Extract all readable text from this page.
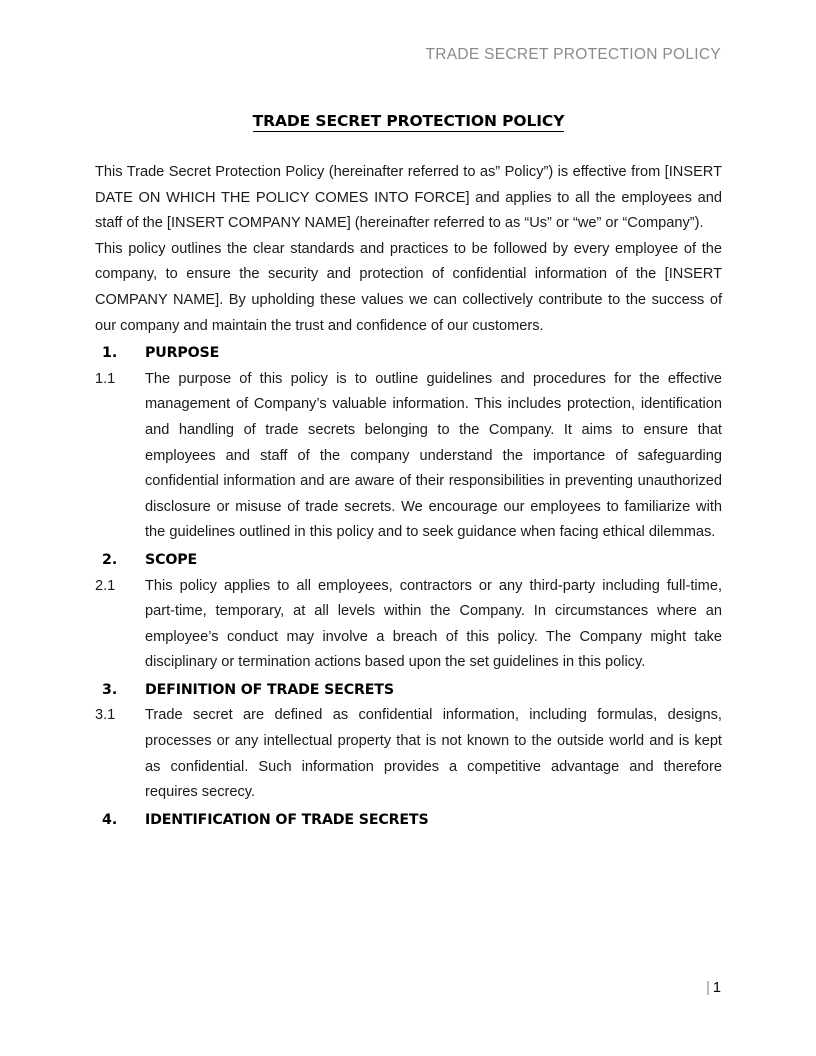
TRADE SECRET PROTECTION POLICY
TRADE SECRET PROTECTION POLICY

This Trade Secret Protection Policy (hereinafter referred to as” Policy”) is effective from [INSERT DATE ON WHICH THE POLICY COMES INTO FORCE] and applies to all the employees and staff of the [INSERT COMPANY NAME] (hereinafter referred to as “Us” or “we” or “Company”).

This policy outlines the clear standards and practices to be followed by every employee of the company, to ensure the security and protection of confidential information of the [INSERT COMPANY NAME]. By upholding these values we can collectively contribute to the success of our company and maintain the trust and confidence of our customers.

1.	PURPOSE
1.1	The purpose of this policy is to outline guidelines and procedures for the effective management of Company’s valuable information. This includes protection, identification and handling of trade secrets belonging to the Company. It aims to ensure that employees and staff of the company understand the importance of safeguarding confidential information and are aware of their responsibilities in preventing unauthorized disclosure or misuse of trade secrets. We encourage our employees to familiarize with the guidelines outlined in this policy and to seek guidance when facing ethical dilemmas.
2.	SCOPE
2.1	This policy applies to all employees, contractors or any third-party including full-time, part-time, temporary, at all levels within the Company. In circumstances where an employee’s conduct may involve a breach of this policy. The Company might take disciplinary or termination actions based upon the set guidelines in this policy.
3.	DEFINITION OF TRADE SECRETS
3.1	Trade secret are defined as confidential information, including formulas, designs, processes or any intellectual property that is not known to the outside world and is kept as confidential. Such information provides a competitive advantage and therefore requires secrecy.
4.	IDENTIFICATION OF TRADE SECRETS
| 1
